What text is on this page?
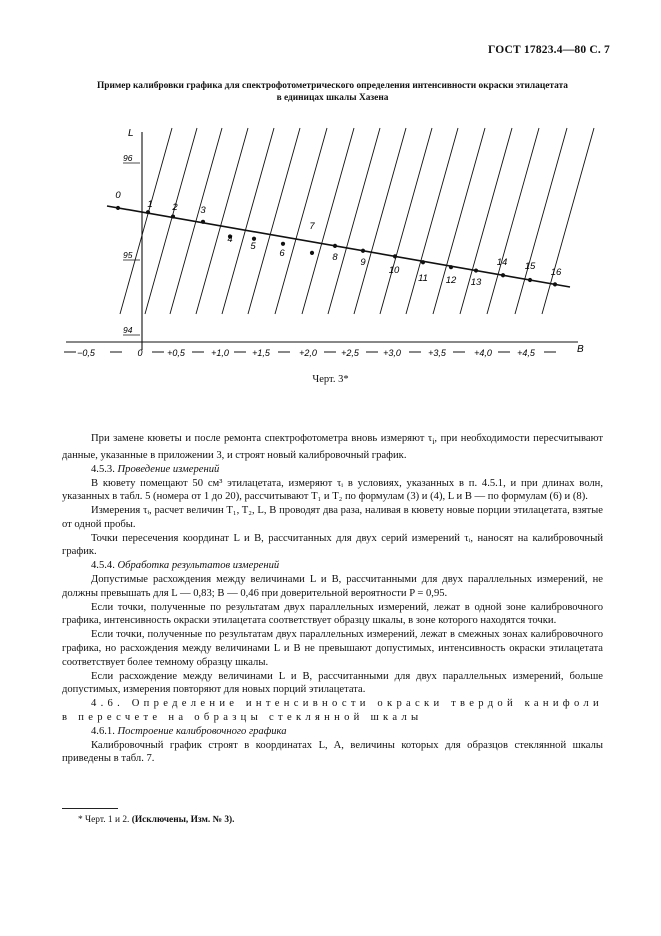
ГОСТ 17823.4—80 С. 7
Пример калибровки графика для спектрофотометрического определения интенсивности окраски этилацетата
в единицах шкалы Хазена
L
B
96
95
94
−0,5	0	+0,5	+1,0	+1,5	+2,0	+2,5	+3,0	+3,5	+4,0	+4,5
0
1 2 3
4
5
6
7
8 9
10
11 12 13
14 15
16
Черт. 3*

При замене кюветы и после ремонта спектрофотометра вновь измеряют $\tau_i$, при необходимости пересчитывают данные, указанные в приложении 3, и строят новый калибровочный график.

4.5.3. Проведение измерений

В кювету помещают 50 см³ этилацетата, измеряют τᵢ в условиях, указанных в п. 4.5.1, и при длинах волн, указанных в табл. 5 (номера от 1 до 20), рассчитывают T₁ и T₂ по формулам (3) и (4), L и B — по формулам (6) и (8).

Измерения τᵢ, расчет величин T₁, T₂, L, B проводят два раза, наливая в кювету новые порции этилацетата, взятые от одной пробы.

Точки пересечения координат L и B, рассчитанных для двух серий измерений τᵢ, наносят на калибровочный график.

4.5.4. Обработка результатов измерений

Допустимые расхождения между величинами L и B, рассчитанными для двух параллельных измерений, не должны превышать для L — 0,83; B — 0,46 при доверительной вероятности P = 0,95.

Если точки, полученные по результатам двух параллельных измерений, лежат в одной зоне калибровочного графика, интенсивность окраски этилацетата соответствует образцу шкалы, в зоне которого находятся точки.

Если точки, полученные по результатам двух параллельных измерений, лежат в смежных зонах калибровочного графика, но расхождения между величинами L и B не превышают допустимых, интенсивность окраски этилацетата соответствует более темному образцу шкалы.

Если расхождение между величинами L и B, рассчитанными для двух параллельных измерений, больше допустимых, измерения повторяют для новых порций этилацетата.

4.6. Определение интенсивности окраски твердой канифоли в пересчете на образцы стеклянной шкалы

4.6.1. Построение калибровочного графика

Калибровочный график строят в координатах L, A, величины которых для образцов стеклянной шкалы приведены в табл. 7.

* Черт. 1 и 2. (Исключены, Изм. № 3).
